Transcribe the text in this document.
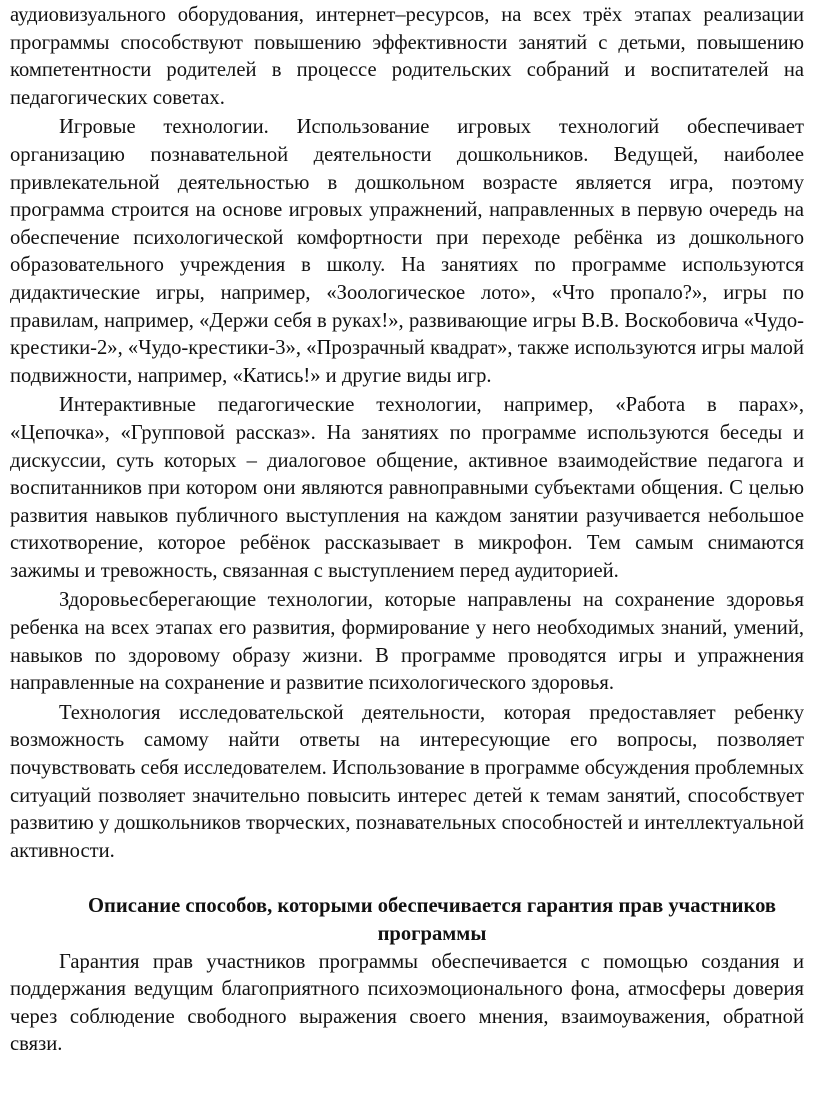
аудиовизуального оборудования, интернет–ресурсов, на всех трёх этапах реализации программы способствуют повышению эффективности занятий с детьми, повышению компетентности родителей в процессе родительских собраний и воспитателей на педагогических советах.

Игровые технологии. Использование игровых технологий обеспечивает организацию познавательной деятельности дошкольников. Ведущей, наиболее привлекательной деятельностью в дошкольном возрасте является игра, поэтому программа строится на основе игровых упражнений, направленных в первую очередь на обеспечение психологической комфортности при переходе ребёнка из дошкольного образовательного учреждения в школу. На занятиях по программе используются дидактические игры, например, «Зоологическое лото», «Что пропало?», игры по правилам, например, «Держи себя в руках!», развивающие игры В.В. Воскобовича «Чудо-крестики-2», «Чудо-крестики-3», «Прозрачный квадрат», также используются игры малой подвижности, например, «Катись!» и другие виды игр.

Интерактивные педагогические технологии, например, «Работа в парах», «Цепочка», «Групповой рассказ». На занятиях по программе используются беседы и дискуссии, суть которых – диалоговое общение, активное взаимодействие педагога и воспитанников при котором они являются равноправными субъектами общения. С целью развития навыков публичного выступления на каждом занятии разучивается небольшое стихотворение, которое ребёнок рассказывает в микрофон. Тем самым снимаются зажимы и тревожность, связанная с выступлением перед аудиторией.

Здоровьесберегающие технологии, которые направлены на сохранение здоровья ребенка на всех этапах его развития, формирование у него необходимых знаний, умений, навыков по здоровому образу жизни. В программе проводятся игры и упражнения направленные на сохранение и развитие психологического здоровья.

Технология исследовательской деятельности, которая предоставляет ребенку возможность самому найти ответы на интересующие его вопросы, позволяет почувствовать себя исследователем. Использование в программе обсуждения проблемных ситуаций позволяет значительно повысить интерес детей к темам занятий, способствует развитию у дошкольников творческих, познавательных способностей и интеллектуальной активности.

Описание способов, которыми обеспечивается гарантия прав участников программы

Гарантия прав участников программы обеспечивается с помощью создания и поддержания ведущим благоприятного психоэмоционального фона, атмосферы доверия через соблюдение свободного выражения своего мнения, взаимоуважения, обратной связи.
